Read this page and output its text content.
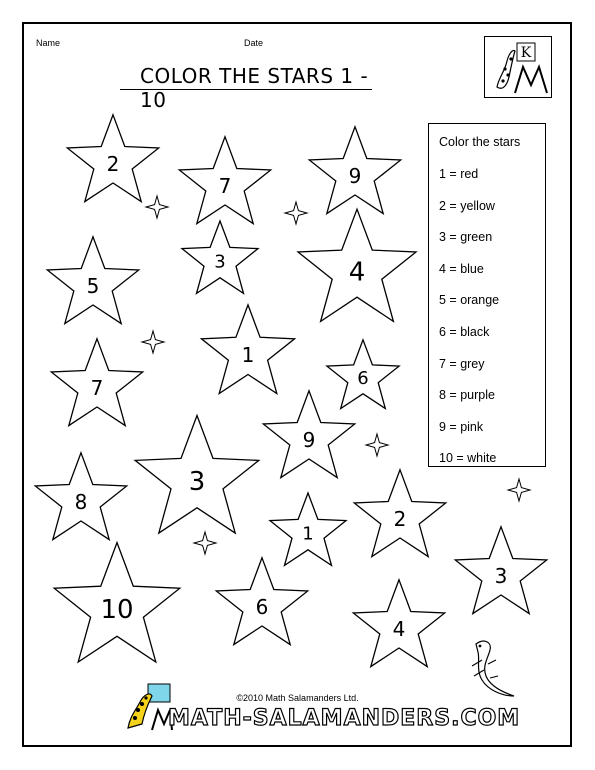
Name	Date
COLOR THE STARS 1 - 10
K
Color the stars
1 = red
2 = yellow
3 = green
4 = blue
5 = orange
6 = black
7 = grey
8 = purple
9 = pink
10 = white
2
7	9
5
3	4
1
7	6
9
3
8
2
1
3
10	6
4
©2010 Math Salamanders Ltd.
MATH-SALAMANDERS.COM
